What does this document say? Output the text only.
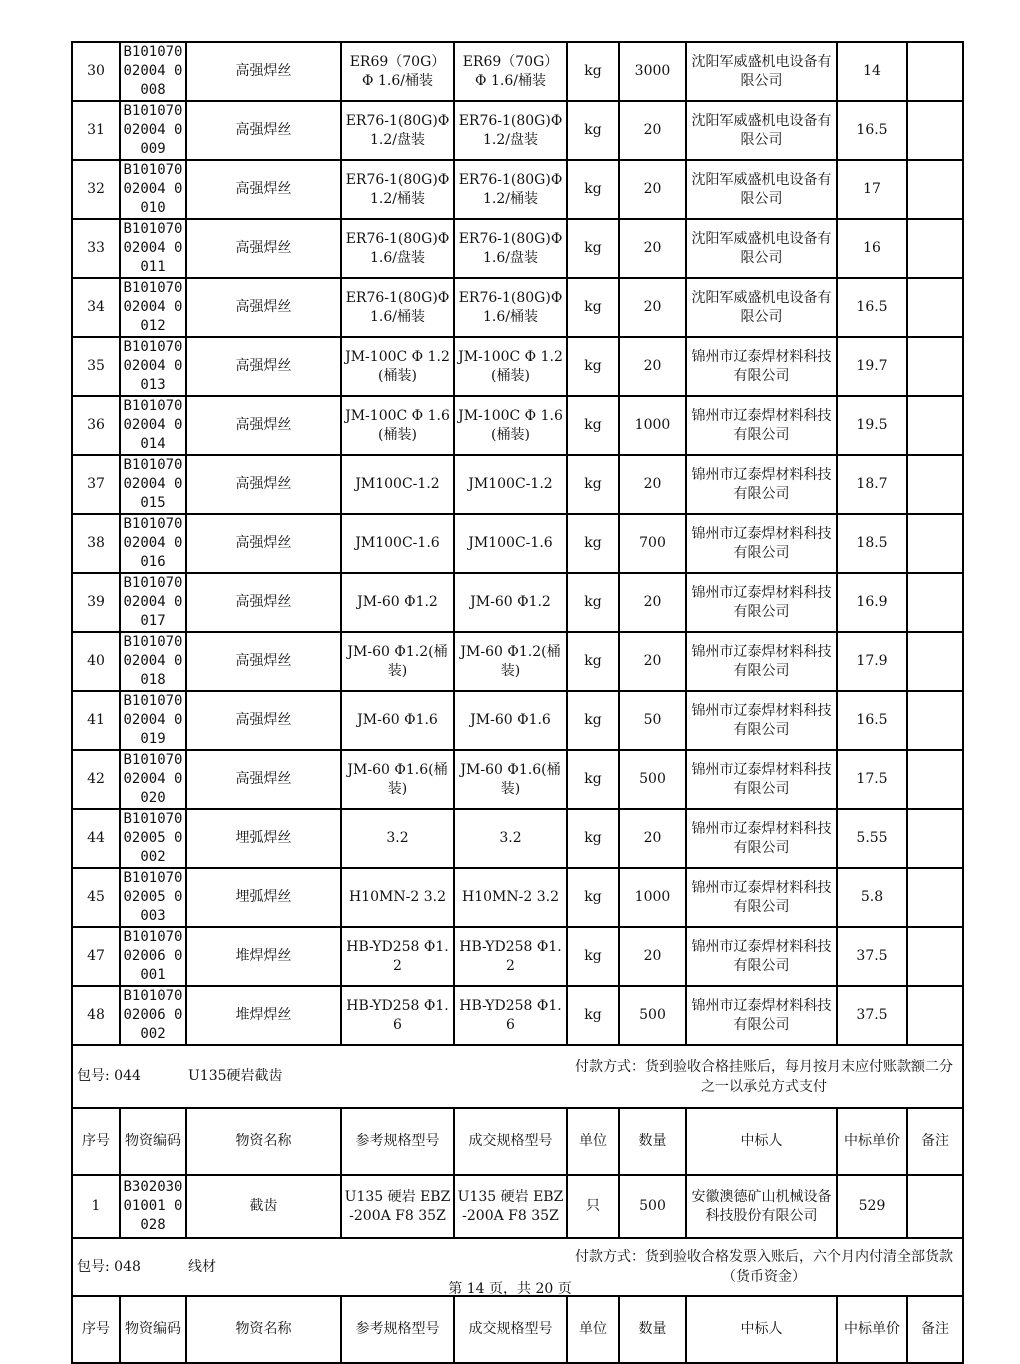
30	B10107002004 0008	高强焊丝	ER69（70G）Φ 1.6/桶装	ER69（70G）Φ 1.6/桶装	kg	3000	沈阳军威盛机电设备有限公司	14	
31	B10107002004 0009	高强焊丝	ER76-1(80G)Φ 1.2/盘装	ER76-1(80G)Φ 1.2/盘装	kg	20	沈阳军威盛机电设备有限公司	16.5	
32	B10107002004 0010	高强焊丝	ER76-1(80G)Φ 1.2/桶装	ER76-1(80G)Φ 1.2/桶装	kg	20	沈阳军威盛机电设备有限公司	17	
33	B10107002004 0011	高强焊丝	ER76-1(80G)Φ 1.6/盘装	ER76-1(80G)Φ 1.6/盘装	kg	20	沈阳军威盛机电设备有限公司	16	
34	B10107002004 0012	高强焊丝	ER76-1(80G)Φ 1.6/桶装	ER76-1(80G)Φ 1.6/桶装	kg	20	沈阳军威盛机电设备有限公司	16.5	
35	B10107002004 0013	高强焊丝	JM-100C Φ 1.2(桶装)	JM-100C Φ 1.2(桶装)	kg	20	锦州市辽泰焊材料科技有限公司	19.7	
36	B10107002004 0014	高强焊丝	JM-100C Φ 1.6(桶装)	JM-100C Φ 1.6(桶装)	kg	1000	锦州市辽泰焊材料科技有限公司	19.5	
37	B10107002004 0015	高强焊丝	JM100C-1.2	JM100C-1.2	kg	20	锦州市辽泰焊材料科技有限公司	18.7	
38	B10107002004 0016	高强焊丝	JM100C-1.6	JM100C-1.6	kg	700	锦州市辽泰焊材料科技有限公司	18.5	
39	B10107002004 0017	高强焊丝	JM-60 Φ1.2	JM-60 Φ1.2	kg	20	锦州市辽泰焊材料科技有限公司	16.9	
40	B10107002004 0018	高强焊丝	JM-60 Φ1.2(桶装)	JM-60 Φ1.2(桶装)	kg	20	锦州市辽泰焊材料科技有限公司	17.9	
41	B10107002004 0019	高强焊丝	JM-60 Φ1.6	JM-60 Φ1.6	kg	50	锦州市辽泰焊材料科技有限公司	16.5	
42	B10107002004 0020	高强焊丝	JM-60 Φ1.6(桶装)	JM-60 Φ1.6(桶装)	kg	500	锦州市辽泰焊材料科技有限公司	17.5	
44	B10107002005 0002	埋弧焊丝	3.2	3.2	kg	20	锦州市辽泰焊材料科技有限公司	5.55	
45	B10107002005 0003	埋弧焊丝	H10MN-2 3.2	H10MN-2 3.2	kg	1000	锦州市辽泰焊材料科技有限公司	5.8	
47	B10107002006 0001	堆焊焊丝	HB-YD258 Φ1.2	HB-YD258 Φ1.2	kg	20	锦州市辽泰焊材料科技有限公司	37.5	
48	B10107002006 0002	堆焊焊丝	HB-YD258 Φ1.6	HB-YD258 Φ1.6	kg	500	锦州市辽泰焊材料科技有限公司	37.5	
包号: 044		U135硬岩截齿		付款方式：货到验收合格挂账后，每月按月末应付账款额二分之一以承兑方式支付					
序号	物资编码	物资名称	参考规格型号	成交规格型号	单位	数量	中标人	中标单价	备注
1	B30203001001 0028	截齿	U135 硬岩 EBZ-200A F8 35Z	U135 硬岩 EBZ-200A F8 35Z	只	500	安徽澳德矿山机械设备科技股份有限公司	529	
包号: 048		线材		付款方式：货到验收合格发票入账后，六个月内付清全部货款（货币资金）					
序号	物资编码	物资名称	参考规格型号	成交规格型号	单位	数量	中标人	中标单价	备注
第 14 页，共 20 页
